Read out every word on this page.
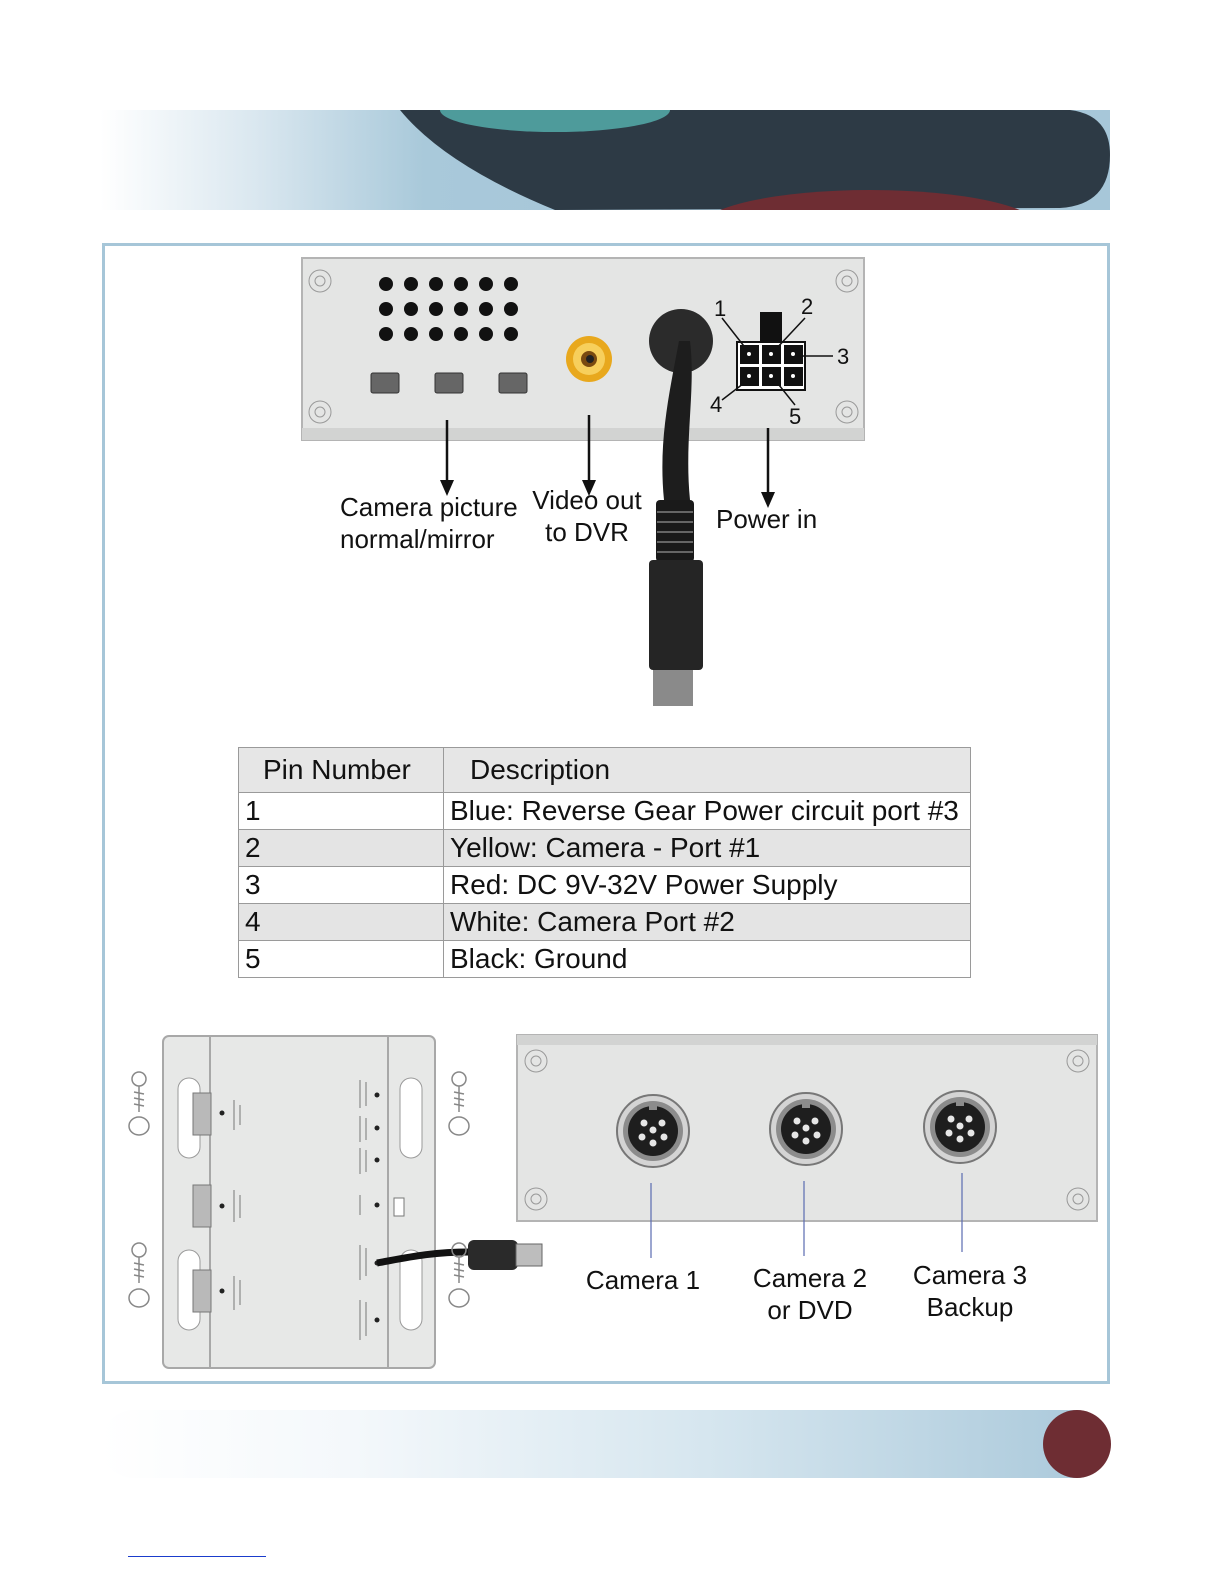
1	2
3
4	5
Camera picture
normal/mirror
Video out
to DVR	Power in
Pin Number	Description
1	Blue: Reverse Gear Power circuit port #3
2	Yellow: Camera - Port #1
3	Red: DC 9V-32V Power Supply
4	White: Camera Port #2
5	Black: Ground
Camera 1	Camera 2
or DVD
Camera 3
Backup
